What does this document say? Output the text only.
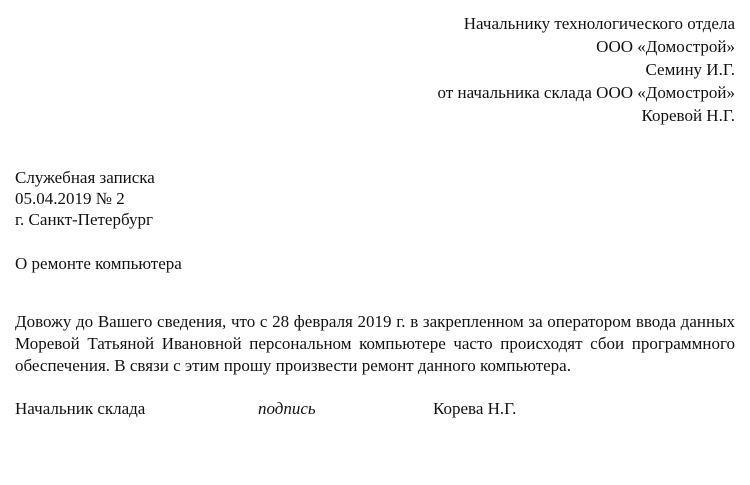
Начальнику технологического отдела
ООО «Домострой»
Семину И.Г.
от начальника склада ООО «Домострой»
Коревой Н.Г.
Служебная записка
05.04.2019 № 2
г. Санкт-Петербург
О ремонте компьютера
Довожу до Вашего сведения, что с 28 февраля 2019 г. в закрепленном за оператором ввода данных Моревой Татьяной Ивановной персональном компьютере часто происходят сбои программного обеспечения. В связи с этим прошу произвести ремонт данного компьютера.
Начальник склада	подпись	Корева Н.Г.
